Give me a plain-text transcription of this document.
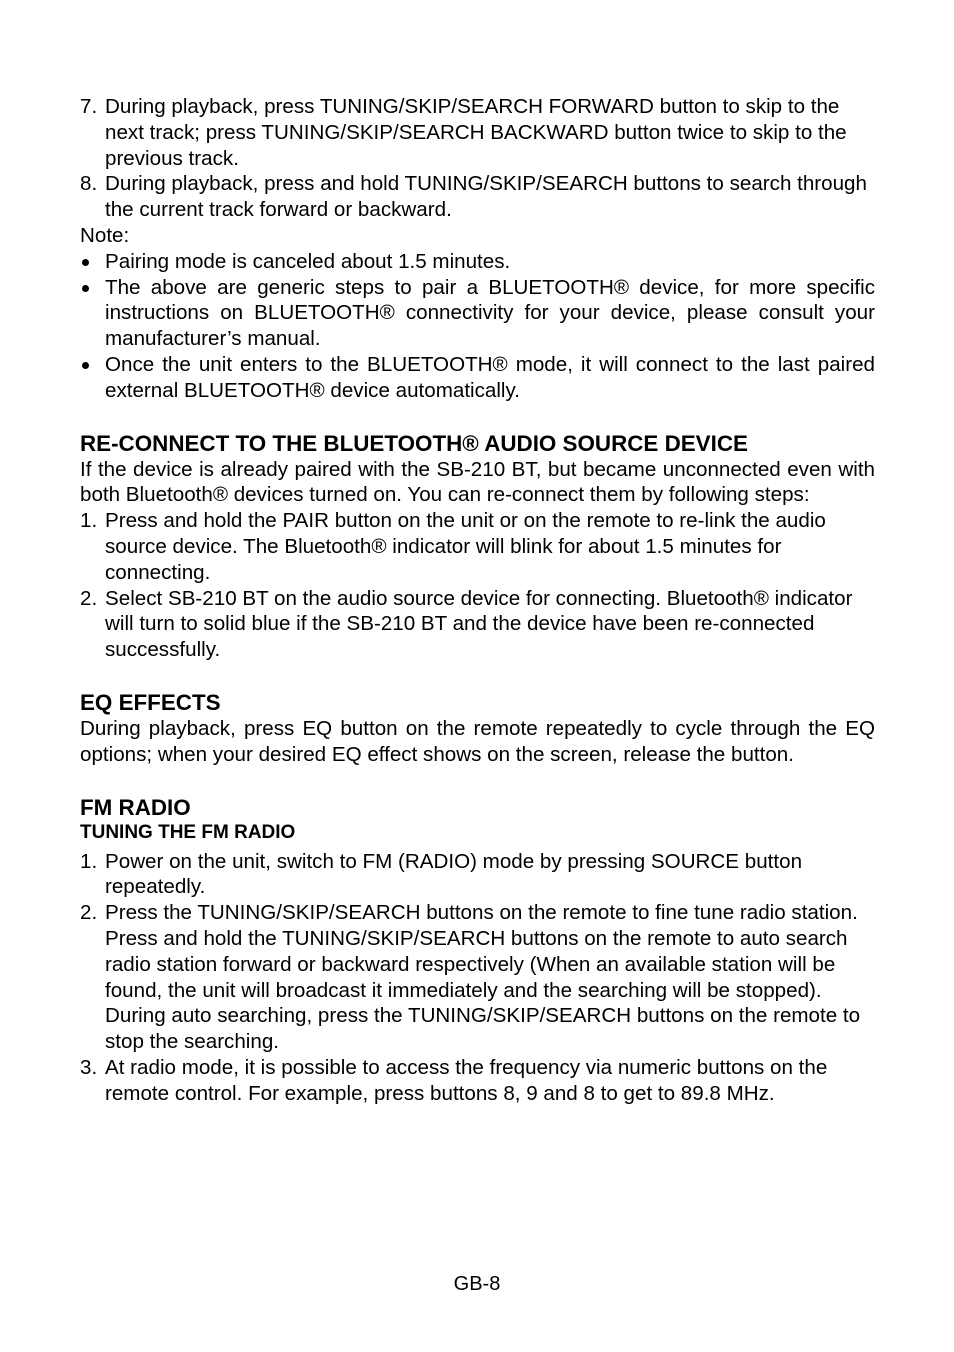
7. During playback, press TUNING/SKIP/SEARCH FORWARD button to skip to the next track; press TUNING/SKIP/SEARCH BACKWARD button twice to skip to the previous track.
8. During playback, press and hold TUNING/SKIP/SEARCH buttons to search through the current track forward or backward.
Note:
Pairing mode is canceled about 1.5 minutes.
The above are generic steps to pair a BLUETOOTH® device, for more specific instructions on BLUETOOTH® connectivity for your device, please consult your manufacturer’s manual.
Once the unit enters to the BLUETOOTH® mode, it will connect to the last paired external BLUETOOTH® device automatically.
RE-CONNECT TO THE BLUETOOTH® AUDIO SOURCE DEVICE
If the device is already paired with the SB-210 BT, but became unconnected even with both Bluetooth® devices turned on. You can re-connect them by following steps:
1. Press and hold the PAIR button on the unit or on the remote to re-link the audio source device. The Bluetooth® indicator will blink for about 1.5 minutes for connecting.
2. Select SB-210 BT on the audio source device for connecting. Bluetooth® indicator will turn to solid blue if the SB-210 BT and the device have been re-connected successfully.
EQ EFFECTS
During playback, press EQ button on the remote repeatedly to cycle through the EQ options; when your desired EQ effect shows on the screen, release the button.
FM RADIO
TUNING THE FM RADIO
1. Power on the unit, switch to FM (RADIO) mode by pressing SOURCE button repeatedly.
2. Press the TUNING/SKIP/SEARCH buttons on the remote to fine tune radio station. Press and hold the TUNING/SKIP/SEARCH buttons on the remote to auto search radio station forward or backward respectively (When an available station will be found, the unit will broadcast it immediately and the searching will be stopped). During auto searching, press the TUNING/SKIP/SEARCH buttons on the remote to stop the searching.
3. At radio mode, it is possible to access the frequency via numeric buttons on the remote control. For example, press buttons 8, 9 and 8 to get to 89.8 MHz.
GB-8
